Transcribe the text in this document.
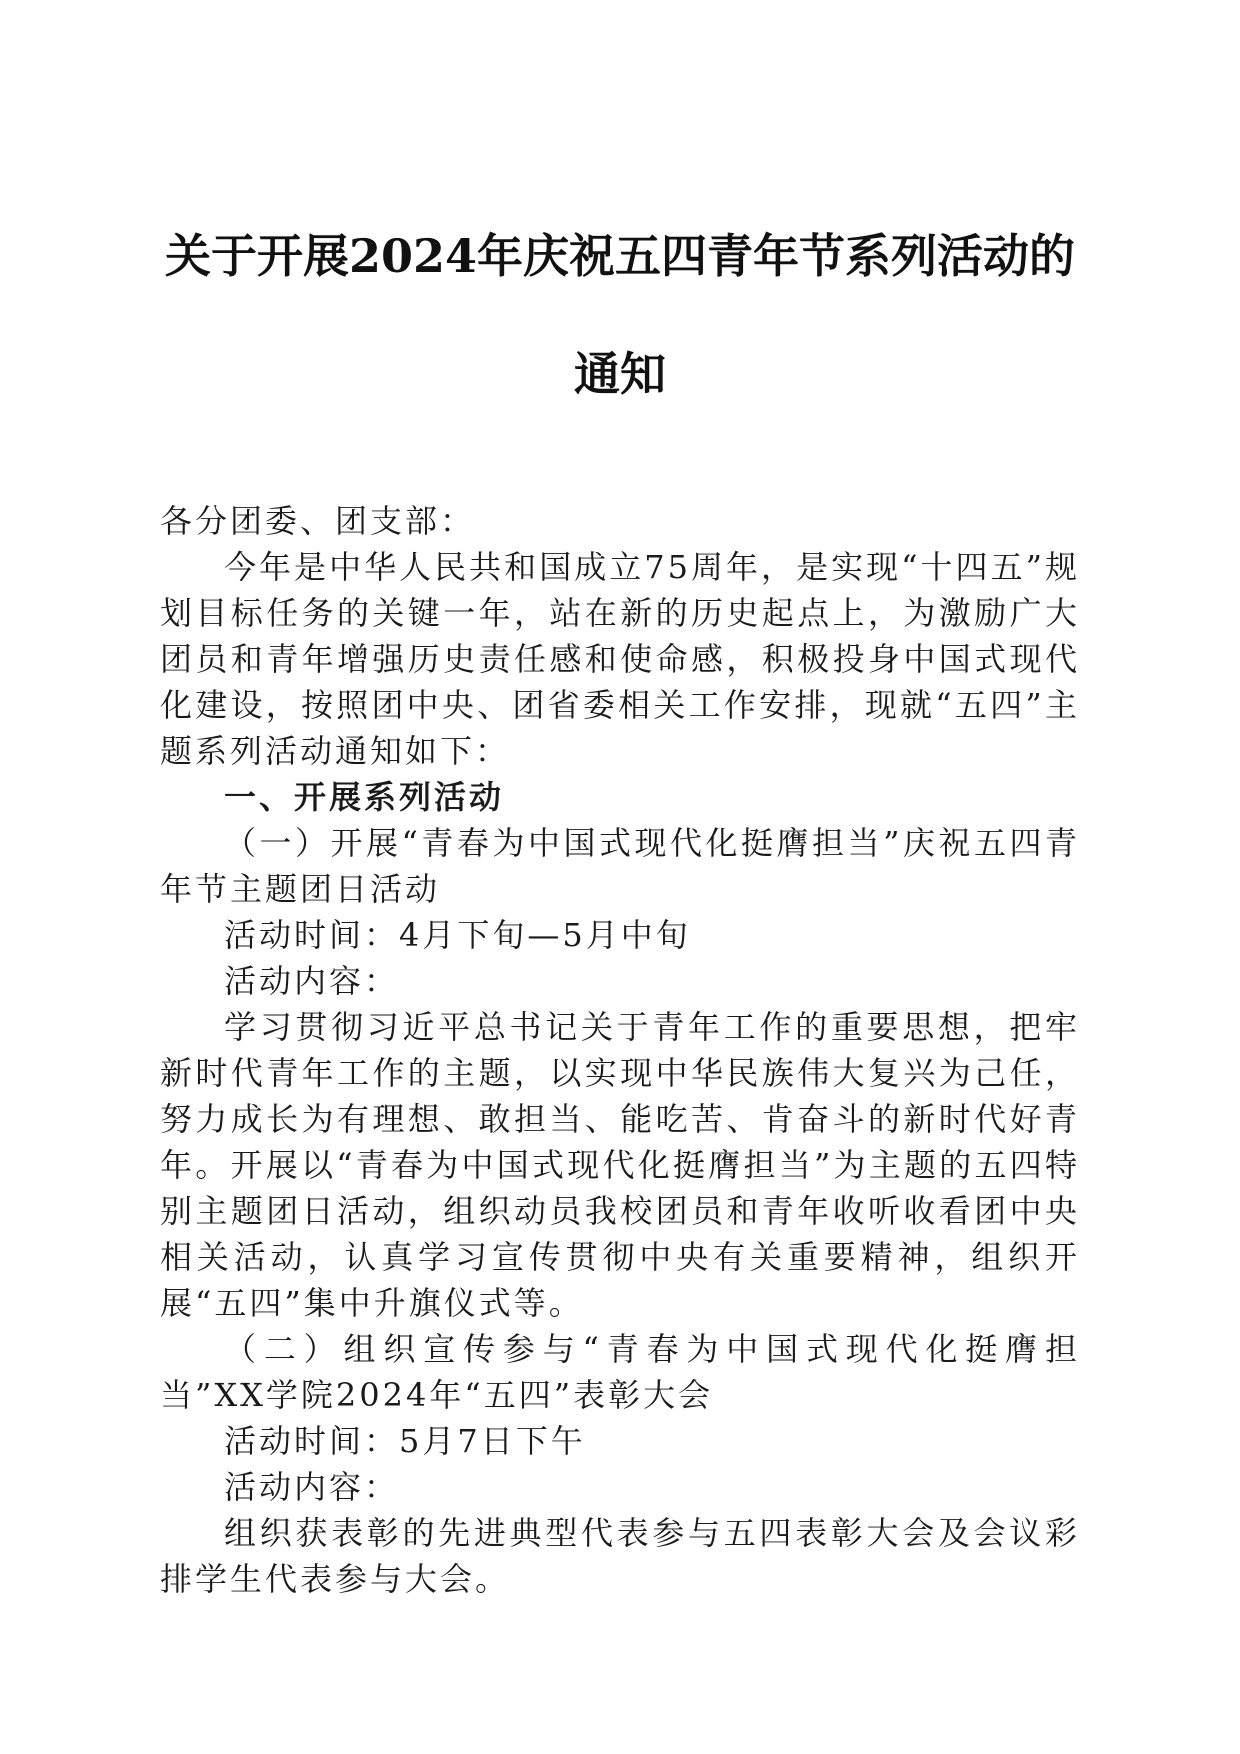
关于开展2024年庆祝五四青年节系列活动的
通知

各分团委、团支部：

今年是中华人民共和国成立75周年，是实现“十四五”规划目标任务的关键一年，站在新的历史起点上，为激励广大团员和青年增强历史责任感和使命感，积极投身中国式现代化建设，按照团中央、团省委相关工作安排，现就“五四”主题系列活动通知如下：

一、开展系列活动

（一）开展“青春为中国式现代化挺膺担当”庆祝五四青年节主题团日活动

活动时间：4月下旬—5月中旬

活动内容：

学习贯彻习近平总书记关于青年工作的重要思想，把牢新时代青年工作的主题，以实现中华民族伟大复兴为己任，努力成长为有理想、敢担当、能吃苦、肯奋斗的新时代好青年。开展以“青春为中国式现代化挺膺担当”为主题的五四特别主题团日活动，组织动员我校团员和青年收听收看团中央相关活动，认真学习宣传贯彻中央有关重要精神，组织开展“五四”集中升旗仪式等。

（二）组织宣传参与“青春为中国式现代化挺膺担当”XX学院2024年“五四”表彰大会

活动时间：5月7日下午

活动内容：

组织获表彰的先进典型代表参与五四表彰大会及会议彩排学生代表参与大会。
